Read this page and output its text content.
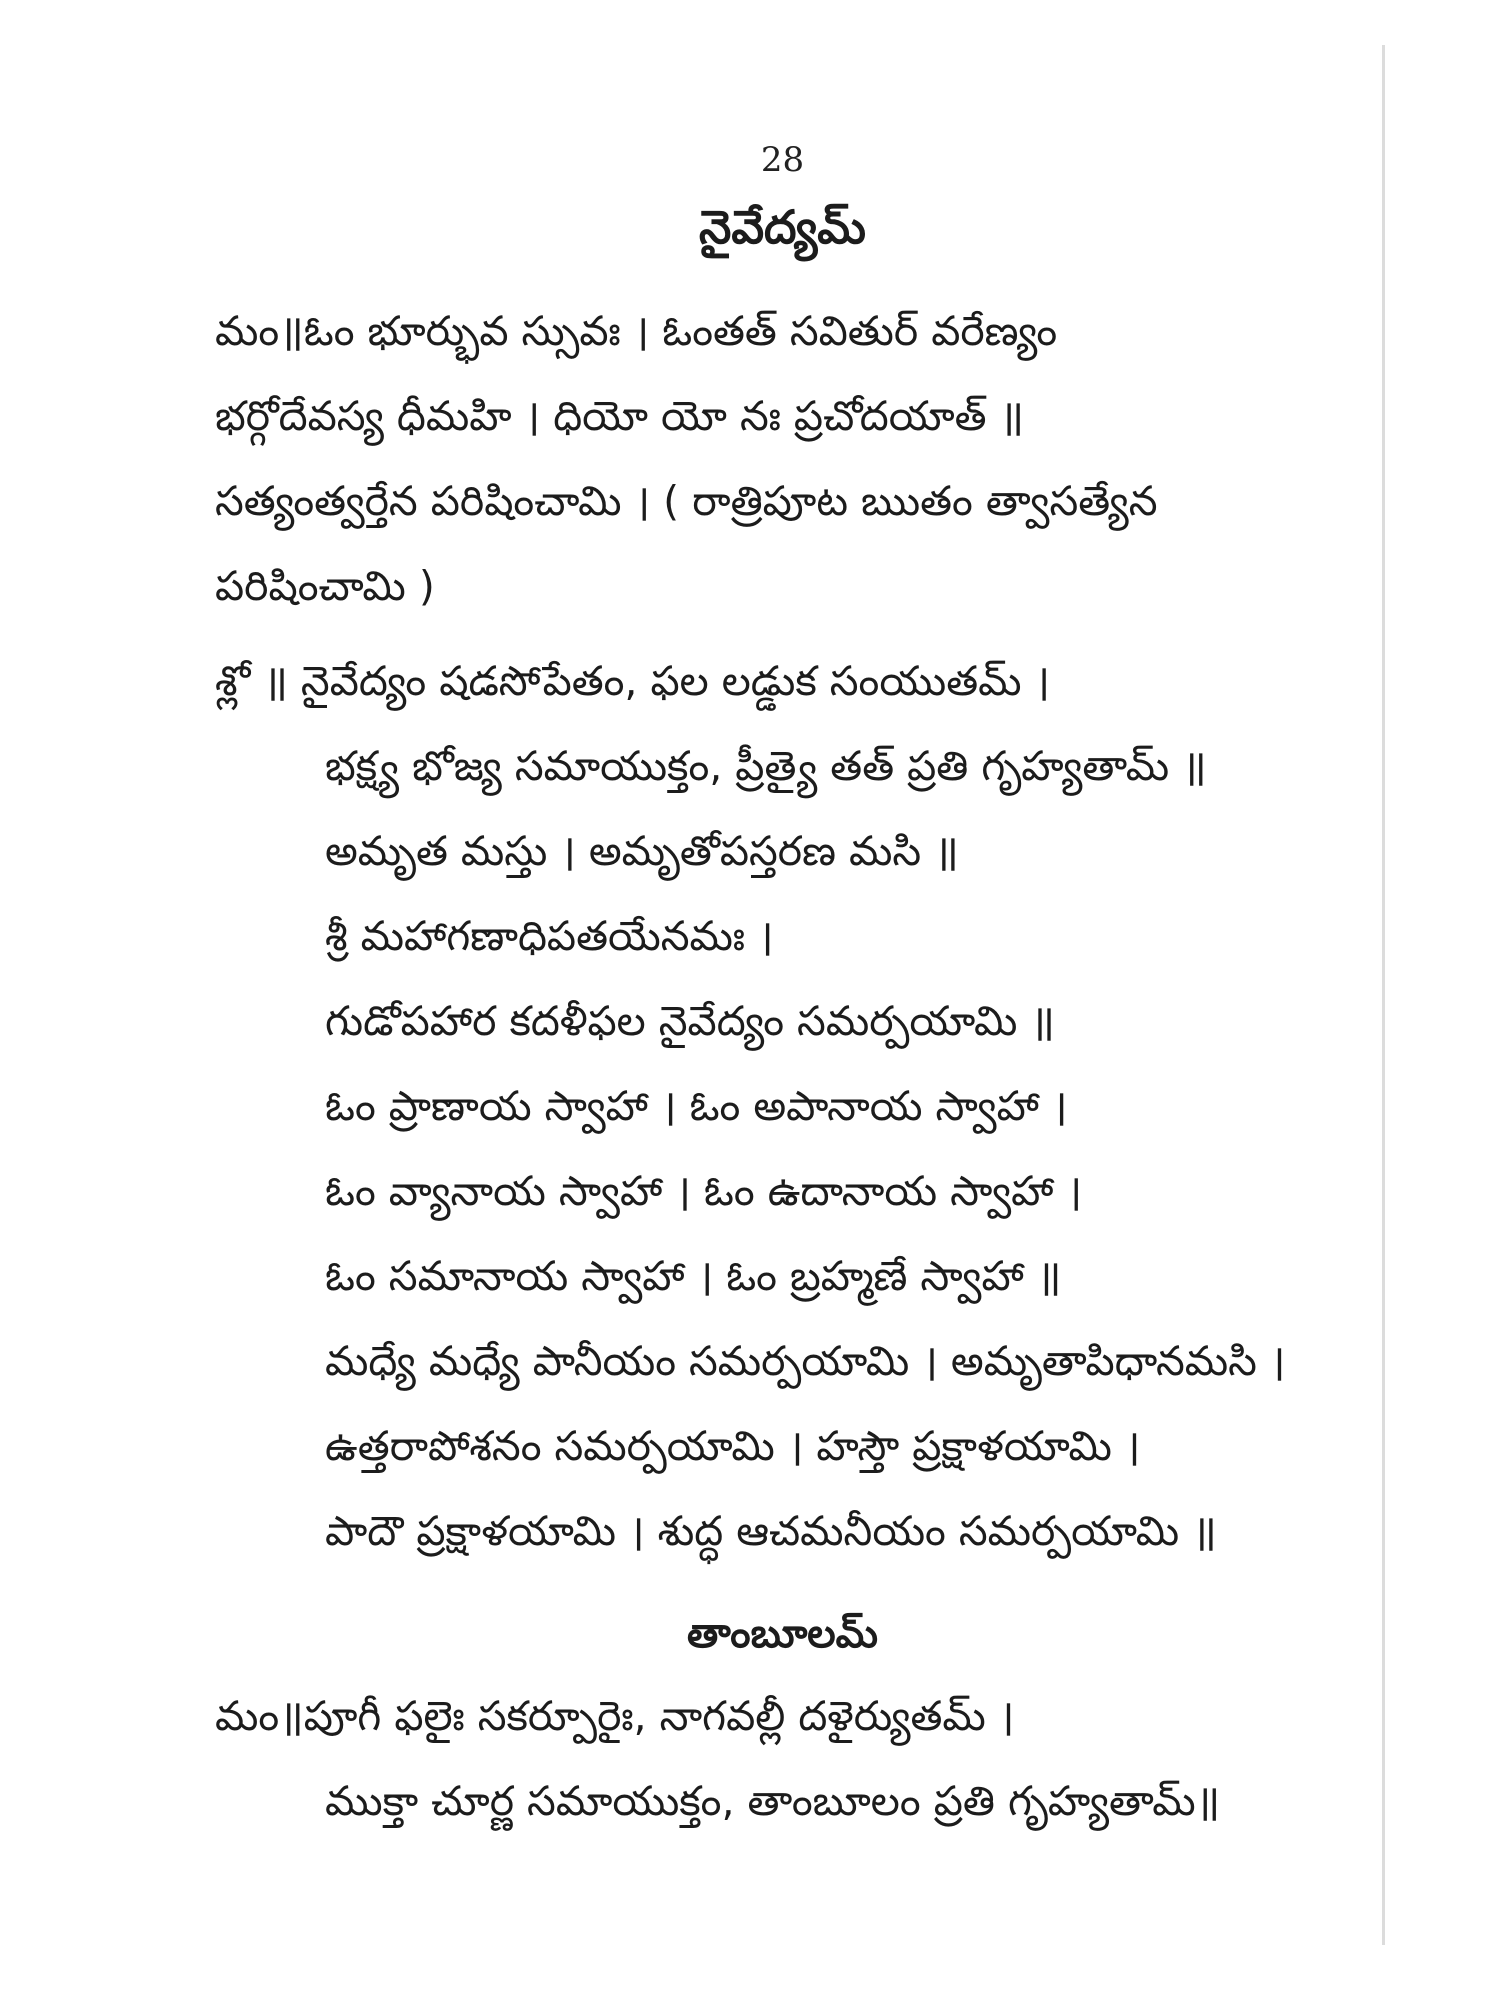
28
నైవేద్యమ్
మం॥ఓం భూర్భువ స్సువః । ఓంతత్ సవితుర్ వరేణ్యం
భర్గోదేవస్య ధీమహి । ధియో యో నః ప్రచోదయాత్ ॥
సత్యంత్వర్తేన పరిషించామి । ( రాత్రిపూట ఋతం త్వాసత్యేన
పరిషించామి )
శ్లో ॥ నైవేద్యం షడసోపేతం, ఫల లడ్డుక సంయుతమ్ ।
భక్ష్య భోజ్య సమాయుక్తం, ప్రీత్యై తత్ ప్రతి గృహ్యతామ్ ॥
అమృత మస్తు । అమృతోపస్తరణ మసి ॥
శ్రీ మహాగణాధిపతయేనమః ।
గుడోపహార కదళీఫల నైవేద్యం సమర్పయామి ॥
ఓం ప్రాణాయ స్వాహా । ఓం అపానాయ స్వాహా ।
ఓం వ్యానాయ స్వాహా । ఓం ఉదానాయ స్వాహా ।
ఓం సమానాయ స్వాహా । ఓం బ్రహ్మణే స్వాహా ॥
మధ్యే మధ్యే పానీయం సమర్పయామి । అమృతాపిధానమసి ।
ఉత్తరాపోశనం సమర్పయామి । హస్తౌ ప్రక్షాళయామి ।
పాదౌ ప్రక్షాళయామి । శుద్ధ ఆచమనీయం సమర్పయామి ॥
తాంబూలమ్
మం॥పూగీ ఫలైః సకర్పూరైః, నాగవల్లీ దళైర్యుతమ్ ।
ముక్తా చూర్ణ సమాయుక్తం, తాంబూలం ప్రతి గృహ్యతామ్॥
